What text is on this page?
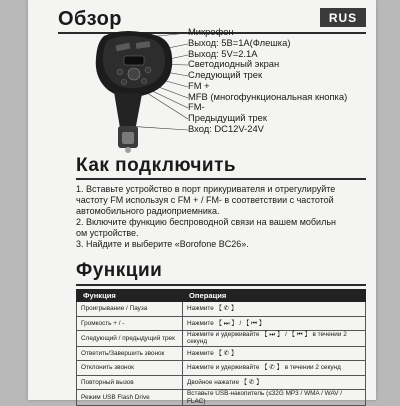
Обзор	RUS
Микрофон
Выход: 5В=1А(Флешка)
Выход: 5V=2.1А
Светодиодный экран
Следующий трек
FM +
MFB (многофункциональная кнопка)
FM-
Предыдущий трек
Вход: DC12V-24V
Как подключить

1. Вставьте устройство в порт прикуривателя и отрегулируйте

частоту FM используя с FM + / FM- в соответствии с частотой

автомобильного радиоприемника.

2. Включите функцию беспроводной связи на вашем мобильн

ом устройстве.

3. Найдите и выберите «Borofone BC26».

Функции
Функция	Операция
Проигрывание / Пауза	Нажмите 【 ✆ 】
Громкость + / -	Нажмите 【 ⏭ 】 / 【 ⏮ 】
Следующий / предыдущий трек	Нажмите и удерживайте 【 ⏭ 】 / 【 ⏮ 】 в течении 2 секунд
Ответить/Завершить звонок	Нажмите 【 ✆ 】
Отклонить звонок	Нажмите и удерживайте 【 ✆ 】 в течении 2 секунд
Повторный вызов	Двойное нажатие 【 ✆ 】
Режим USB Flash Drive	Вставьте USB-накопитель (≤32G MP3 / WMA / WAV / FLAC)
